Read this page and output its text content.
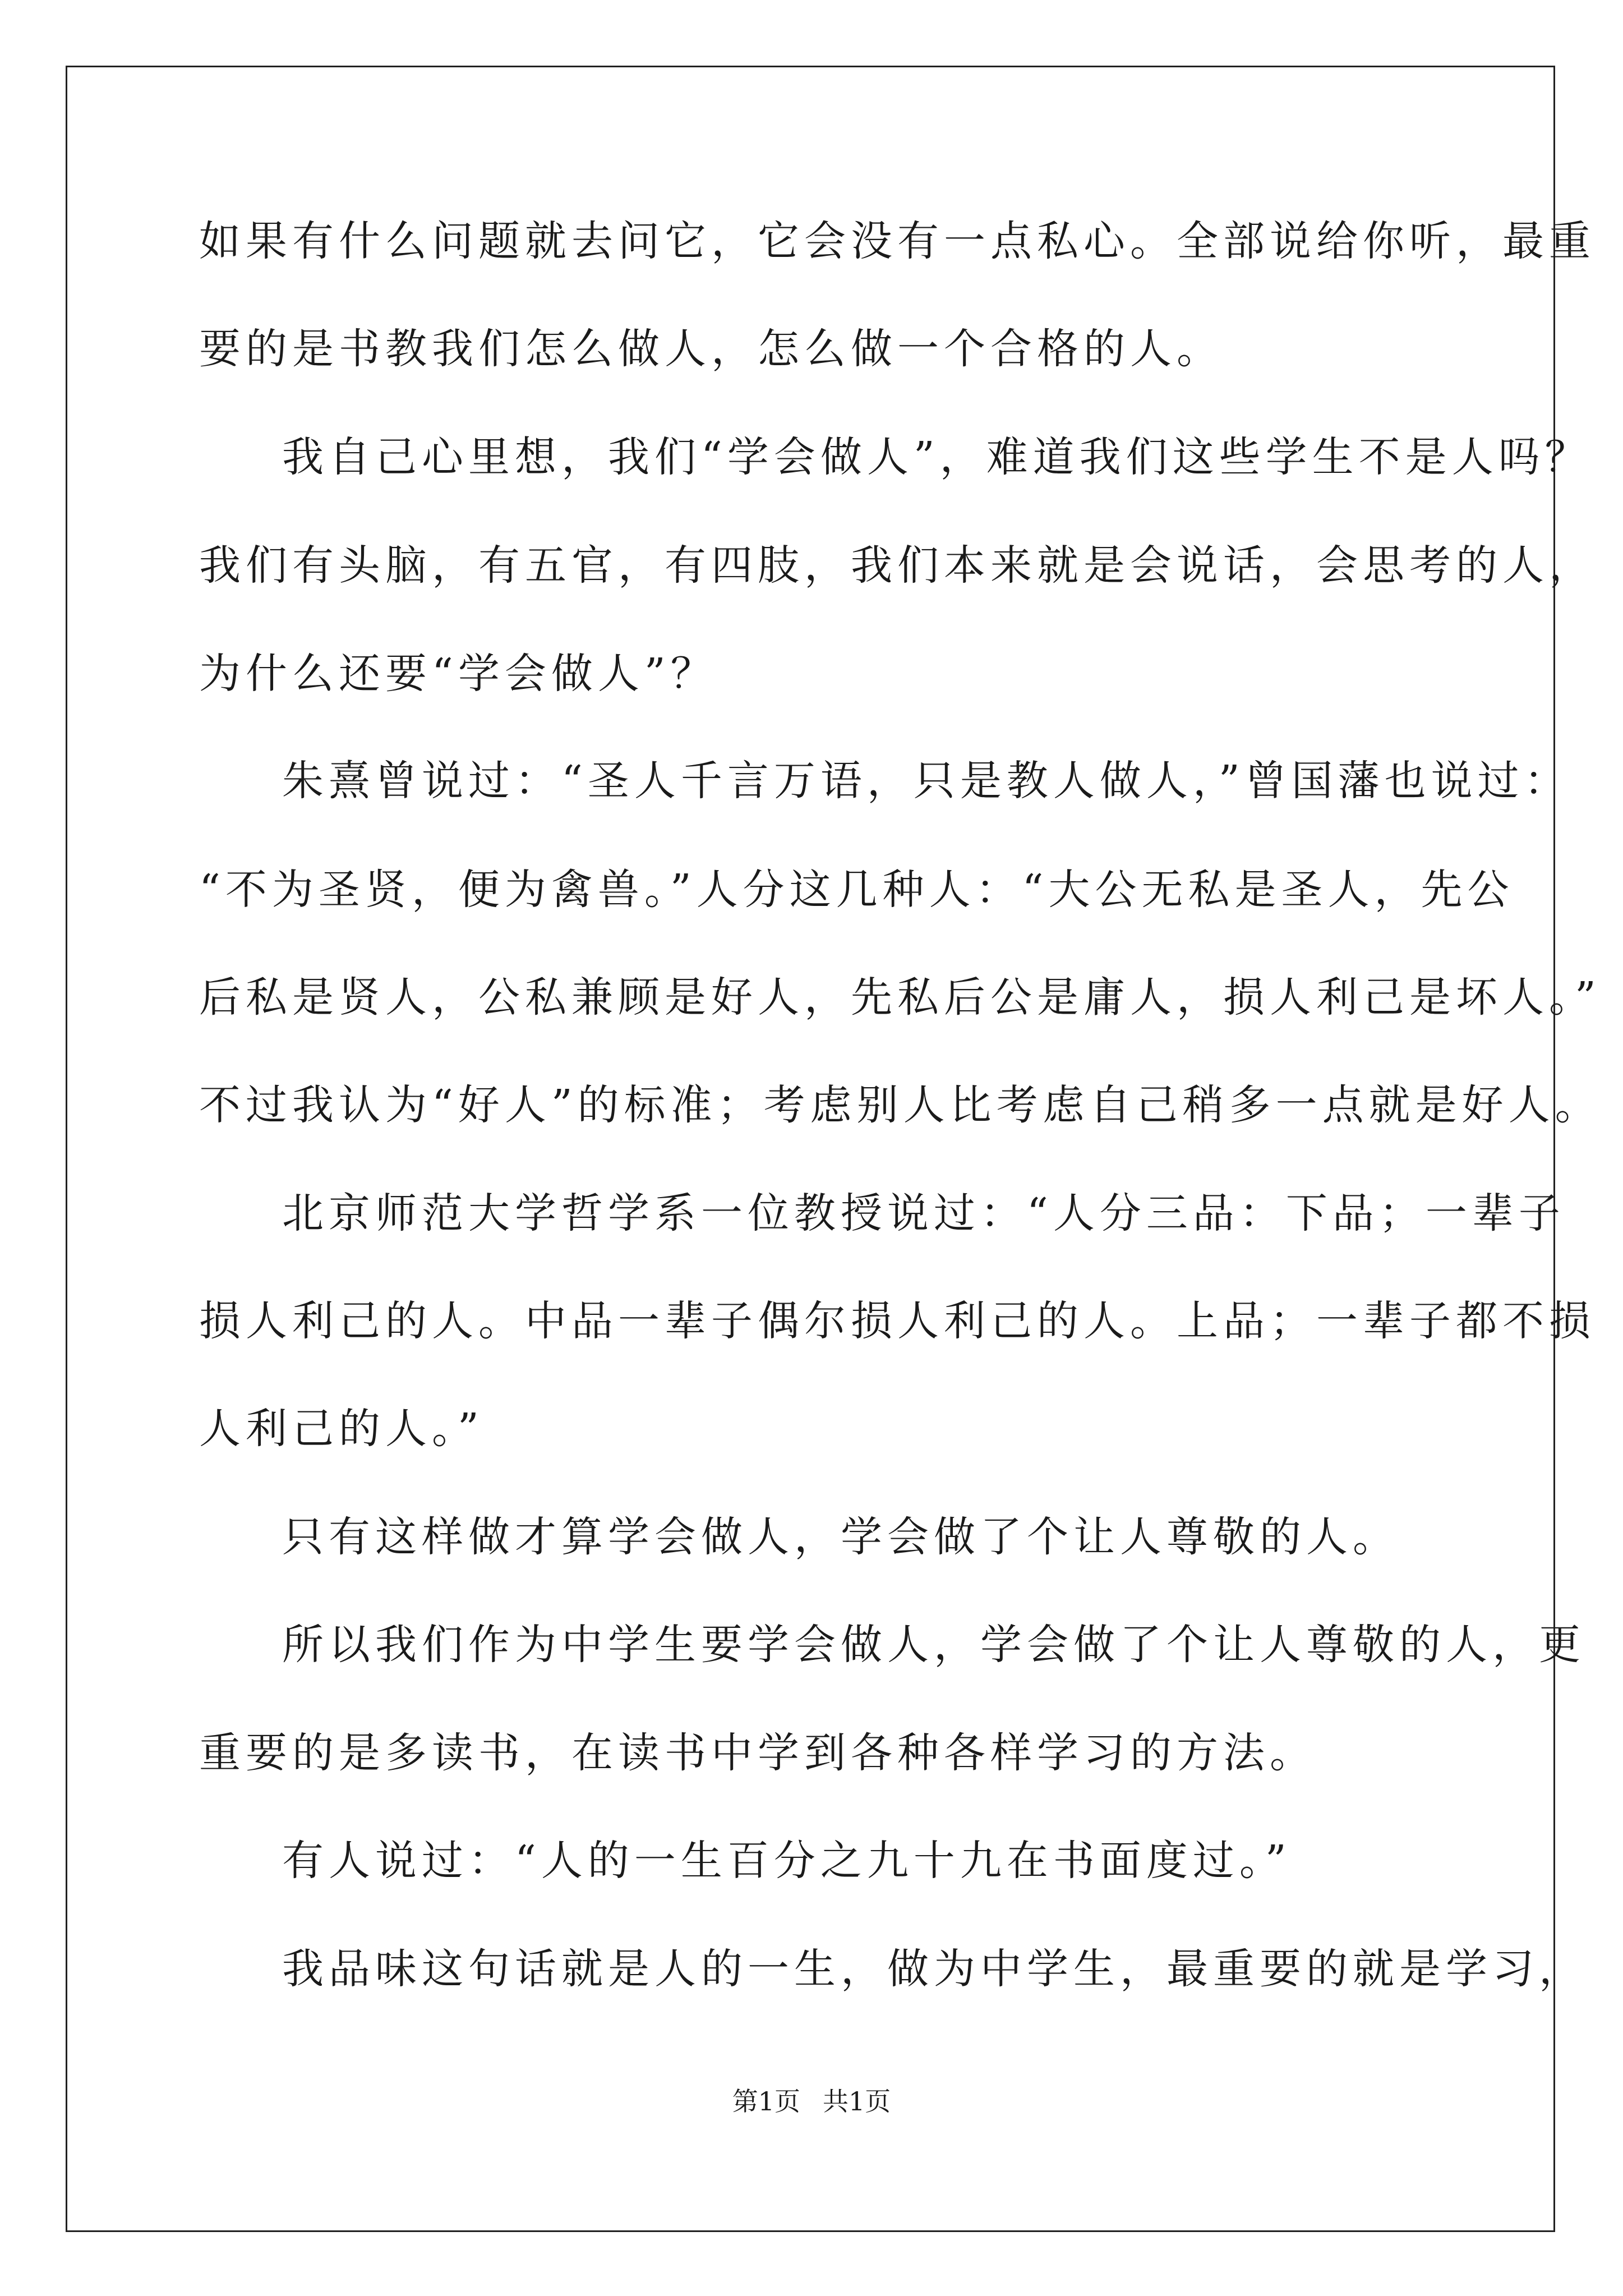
如果有什么问题就去问它，它会没有一点私心。全部说给你听，最重
要的是书教我们怎么做人，怎么做一个合格的人。
我自己心里想，我们“学会做人”，难道我们这些学生不是人吗？
我们有头脑，有五官，有四肢，我们本来就是会说话，会思考的人，
为什么还要“学会做人”？
朱熹曾说过：“圣人千言万语，只是教人做人，”曾国藩也说过：
“不为圣贤，便为禽兽。”人分这几种人：“大公无私是圣人，先公
后私是贤人，公私兼顾是好人，先私后公是庸人，损人利己是坏人。”
不过我认为“好人”的标准；考虑别人比考虑自己稍多一点就是好人。
北京师范大学哲学系一位教授说过：“人分三品：下品；一辈子
损人利己的人。中品一辈子偶尔损人利己的人。上品；一辈子都不损
人利己的人。”
只有这样做才算学会做人，学会做了个让人尊敬的人。
所以我们作为中学生要学会做人，学会做了个让人尊敬的人，更
重要的是多读书，在读书中学到各种各样学习的方法。
有人说过：“人的一生百分之九十九在书面度过。”
我品味这句话就是人的一生，做为中学生，最重要的就是学习，
第1页 共1页
